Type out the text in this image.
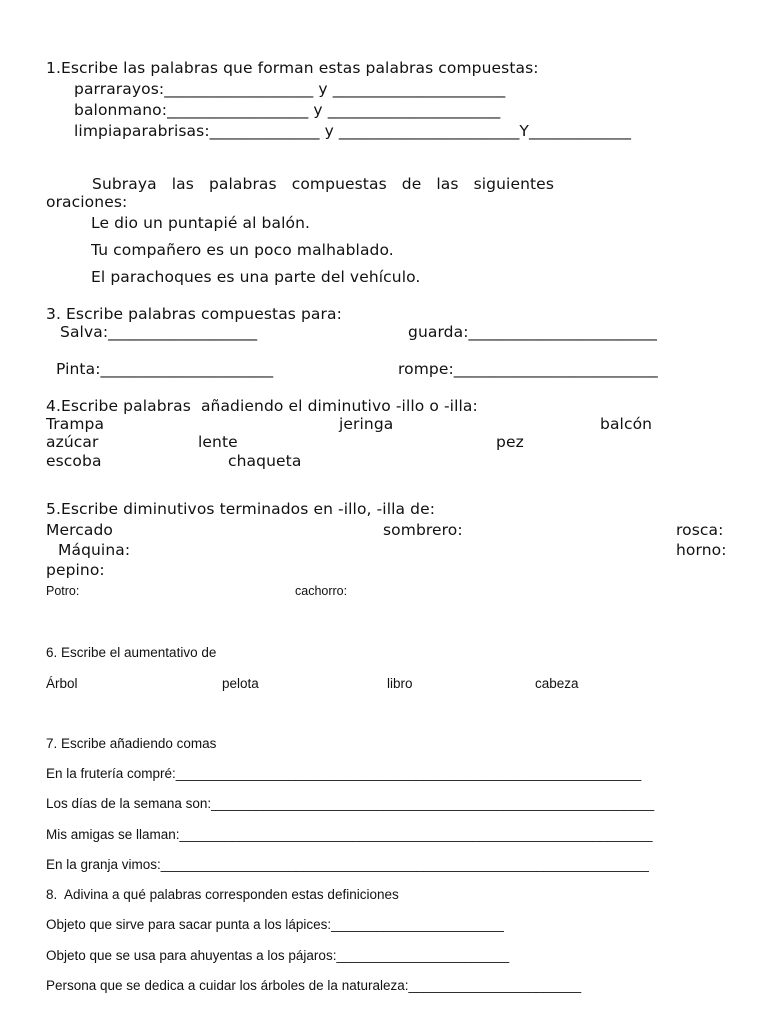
1.Escribe las palabras que forman estas palabras compuestas:
parrarayos:___________________ y ______________________
balonmano:__________________ y ______________________
limpiaparabrisas:______________ y _______________________Y_____________
Subraya las palabras compuestas de las siguientes
oraciones:
Le dio un puntapié al balón.
Tu compañero es un poco malhablado.
El parachoques es una parte del vehículo.
3. Escribe palabras compuestas para:
Salva:___________________	guarda:________________________
Pinta:______________________	rompe:__________________________
4.Escribe palabras  añadiendo el diminutivo -illo o -illa:
Trampa	jeringa	balcón
azúcar	lente	pez
escoba	chaqueta
5.Escribe diminutivos terminados en -illo, -illa de:
Mercado	sombrero:	rosca:
Máquina:	horno:
pepino:
Potro:	cachorro:
6. Escribe el aumentativo de
Árbol	pelota	libro	cabeza
7. Escribe añadiendo comas
En la frutería compré:______________________________________________________________
Los días de la semana son:___________________________________________________________
Mis amigas se llaman:_______________________________________________________________
En la granja vimos:_________________________________________________________________
8.  Adivina a qué palabras corresponden estas definiciones
Objeto que sirve para sacar punta a los lápices:_______________________
Objeto que se usa para ahuyentas a los pájaros:_______________________
Persona que se dedica a cuidar los árboles de la naturaleza:_______________________
